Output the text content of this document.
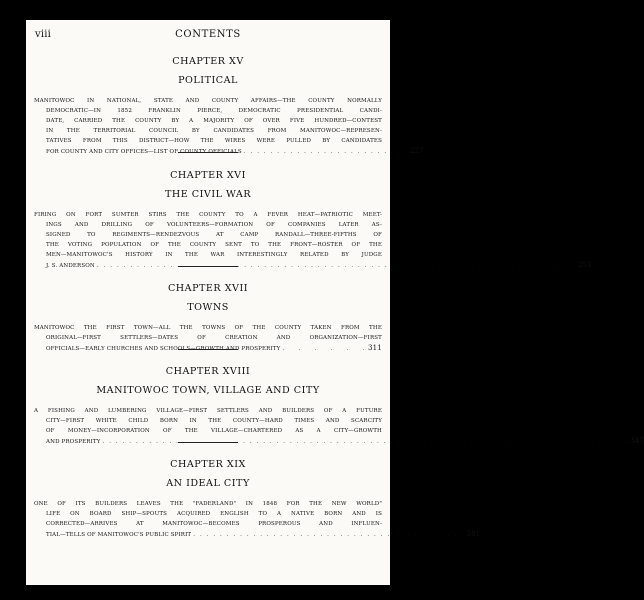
viii	CONTENTS
CHAPTER XV
POLITICAL
MANITOWOC IN NATIONAL, STATE AND COUNTY AFFAIRS—THE COUNTY NORMALLY
DEMOCRATIC—IN 1852 FRANKLIN PIERCE, DEMOCRATIC PRESIDENTIAL CANDI-
DATE, CARRIED THE COUNTY BY A MAJORITY OF OVER FIVE HUNDRED—CONTEST
IN THE TERRITORIAL COUNCIL BY CANDIDATES FROM MANITOWOC—REPRESEN-
TATIVES FROM THIS DISTRICT—HOW THE WIRES WERE PULLED BY CANDIDATES
FOR COUNTY AND CITY OFFICES—LIST OF COUNTY OFFICIALS . . . . . . . . . . . . . . . . . . . . . . . . . 227
CHAPTER XVI
THE CIVIL WAR
FIRING ON FORT SUMTER STIRS THE COUNTY TO A FEVER HEAT—PATRIOTIC MEET-
INGS AND DRILLING OF VOLUNTEERS—FORMATION OF COMPANIES LATER AS-
SIGNED TO REGIMENTS—RENDEZVOUS AT CAMP RANDALL—THREE-FIFTHS OF
THE VOTING POPULATION OF THE COUNTY SENT TO THE FRONT—ROSTER OF THE
MEN—MANITOWOC'S HISTORY IN THE WAR INTERESTINGLY RELATED BY JUDGE
J. S. ANDERSON . . . . . . . . . . . . . . . . . . . . . . . . . . . . . . . . . . . . . . . . . . . . . . . . . . . . . . . . . . . . . . . . . . . . . . . . 251
CHAPTER XVII
TOWNS
MANITOWOC THE FIRST TOWN—ALL THE TOWNS OF THE COUNTY TAKEN FROM THE
ORIGINAL—FIRST SETTLERS—DATES OF CREATION AND ORGANIZATION—FIRST
OFFICIALS—EARLY CHURCHES AND SCHOOLS—GROWTH AND PROSPERITY . . . . . . 311
CHAPTER XVIII
MANITOWOC TOWN, VILLAGE AND CITY
A FISHING AND LUMBERING VILLAGE—FIRST SETTLERS AND BUILDERS OF A FUTURE
CITY—FIRST WHITE CHILD BORN IN THE COUNTY—HARD TIMES AND SCARCITY
OF MONEY—INCORPORATION OF THE VILLAGE—CHARTERED AS A CITY—GROWTH
AND PROSPERITY . . . . . . . . . . . . . . . . . . . . . . . . . . . . . . . . . . . . . . . . . . . . . . . . . . . . . . . . . . . . . . . . . . . . . . . . . . . . . . . 347
CHAPTER XIX
AN IDEAL CITY
ONE OF ITS BUILDERS LEAVES THE "FADERLAND" IN 1848 FOR THE NEW WORLD"
LIFE ON BOARD SHIP—SPOUTS ACQUIRED ENGLISH TO A NATIVE BORN AND IS
CORRECTED—ARRIVES AT MANITOWOC—BECOMES PROSPEROUS AND INFLUEN-
TIAL—TELLS OF MANITOWOC'S PUBLIC SPIRIT . . . . . . . . . . . . . . . . . . . . . . . . . . . . . . . . . . . . . . . . . 381
